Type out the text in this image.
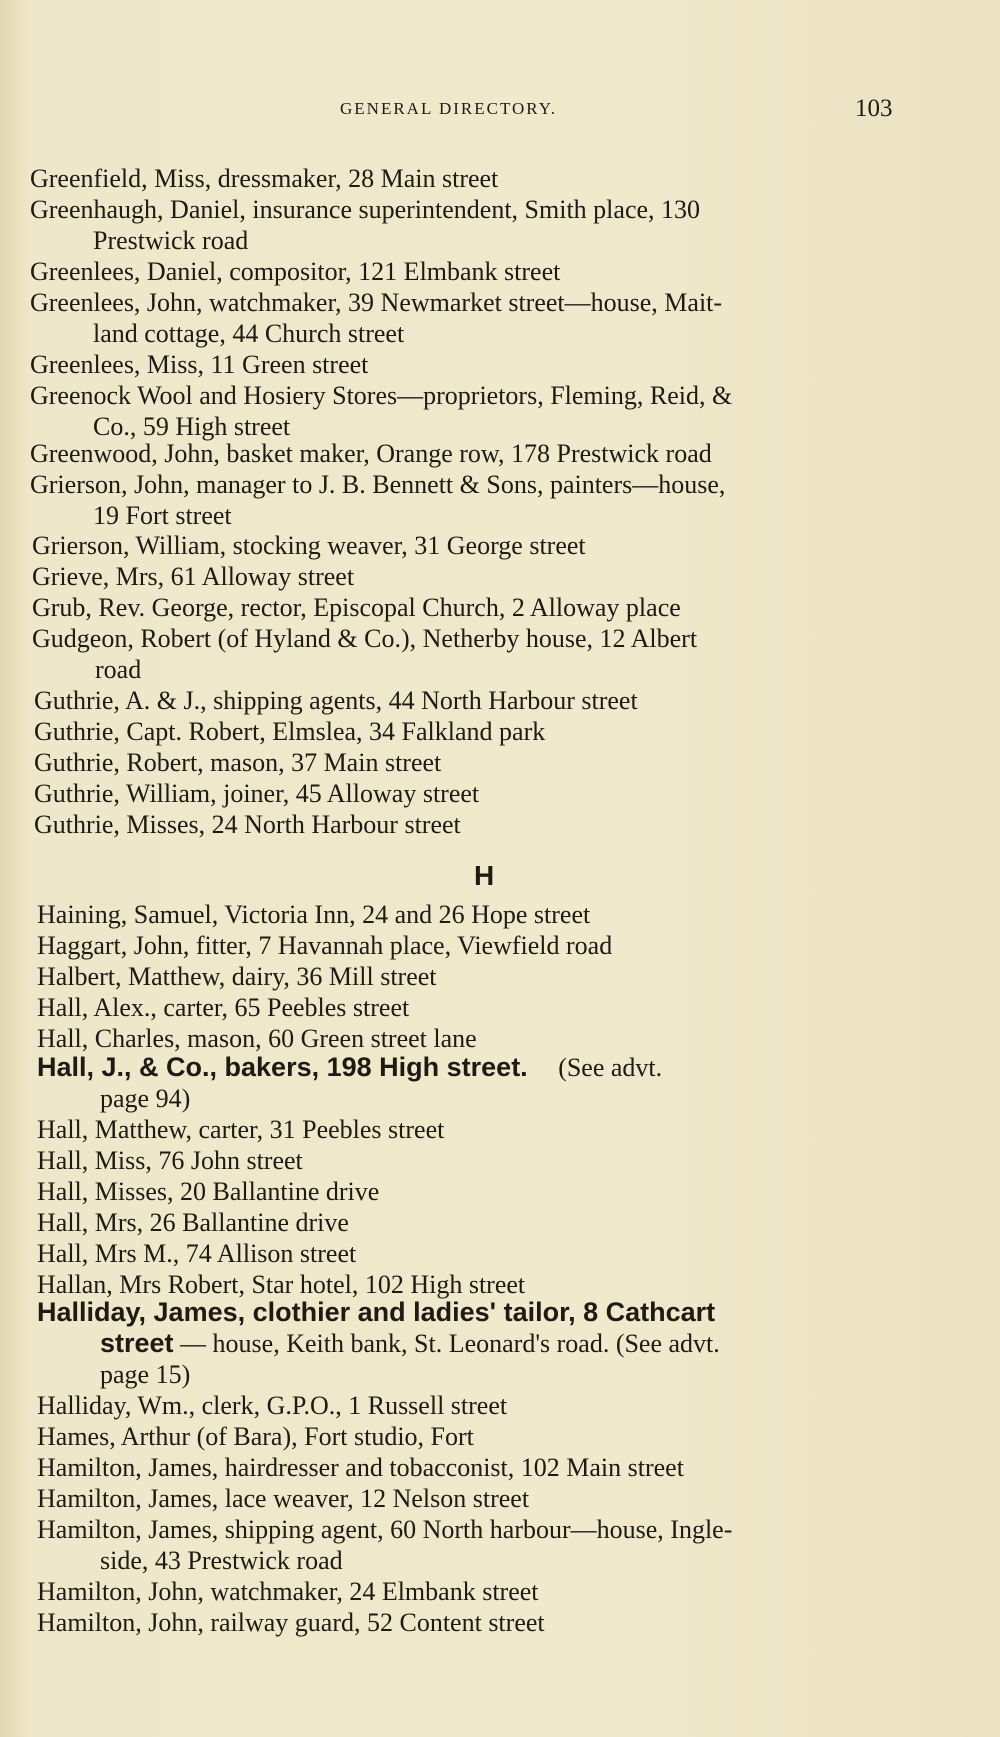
GENERAL DIRECTORY.	103
Greenfield, Miss, dressmaker, 28 Main street
Greenhaugh, Daniel, insurance superintendent, Smith place, 130
Prestwick road
Greenlees, Daniel, compositor, 121 Elmbank street
Greenlees, John, watchmaker, 39 Newmarket street—house, Mait-
land cottage, 44 Church street
Greenlees, Miss, 11 Green street
Greenock Wool and Hosiery Stores—proprietors, Fleming, Reid, &
Co., 59 High street
Greenwood, John, basket maker, Orange row, 178 Prestwick road
Grierson, John, manager to J. B. Bennett & Sons, painters—house,
19 Fort street
Grierson, William, stocking weaver, 31 George street
Grieve, Mrs, 61 Alloway street
Grub, Rev. George, rector, Episcopal Church, 2 Alloway place
Gudgeon, Robert (of Hyland & Co.), Netherby house, 12 Albert
road
Guthrie, A. & J., shipping agents, 44 North Harbour street
Guthrie, Capt. Robert, Elmslea, 34 Falkland park
Guthrie, Robert, mason, 37 Main street
Guthrie, William, joiner, 45 Alloway street
Guthrie, Misses, 24 North Harbour street
H
Haining, Samuel, Victoria Inn, 24 and 26 Hope street
Haggart, John, fitter, 7 Havannah place, Viewfield road
Halbert, Matthew, dairy, 36 Mill street
Hall, Alex., carter, 65 Peebles street
Hall, Charles, mason, 60 Green street lane
Hall, J., & Co., bakers, 198 High street. (See advt.
page 94)
Hall, Matthew, carter, 31 Peebles street
Hall, Miss, 76 John street
Hall, Misses, 20 Ballantine drive
Hall, Mrs, 26 Ballantine drive
Hall, Mrs M., 74 Allison street
Hallan, Mrs Robert, Star hotel, 102 High street
Halliday, James, clothier and ladies' tailor, 8 Cathcart
street — house, Keith bank, St. Leonard's road. (See advt.
page 15)
Halliday, Wm., clerk, G.P.O., 1 Russell street
Hames, Arthur (of Bara), Fort studio, Fort
Hamilton, James, hairdresser and tobacconist, 102 Main street
Hamilton, James, lace weaver, 12 Nelson street
Hamilton, James, shipping agent, 60 North harbour—house, Ingle-
side, 43 Prestwick road
Hamilton, John, watchmaker, 24 Elmbank street
Hamilton, John, railway guard, 52 Content street
